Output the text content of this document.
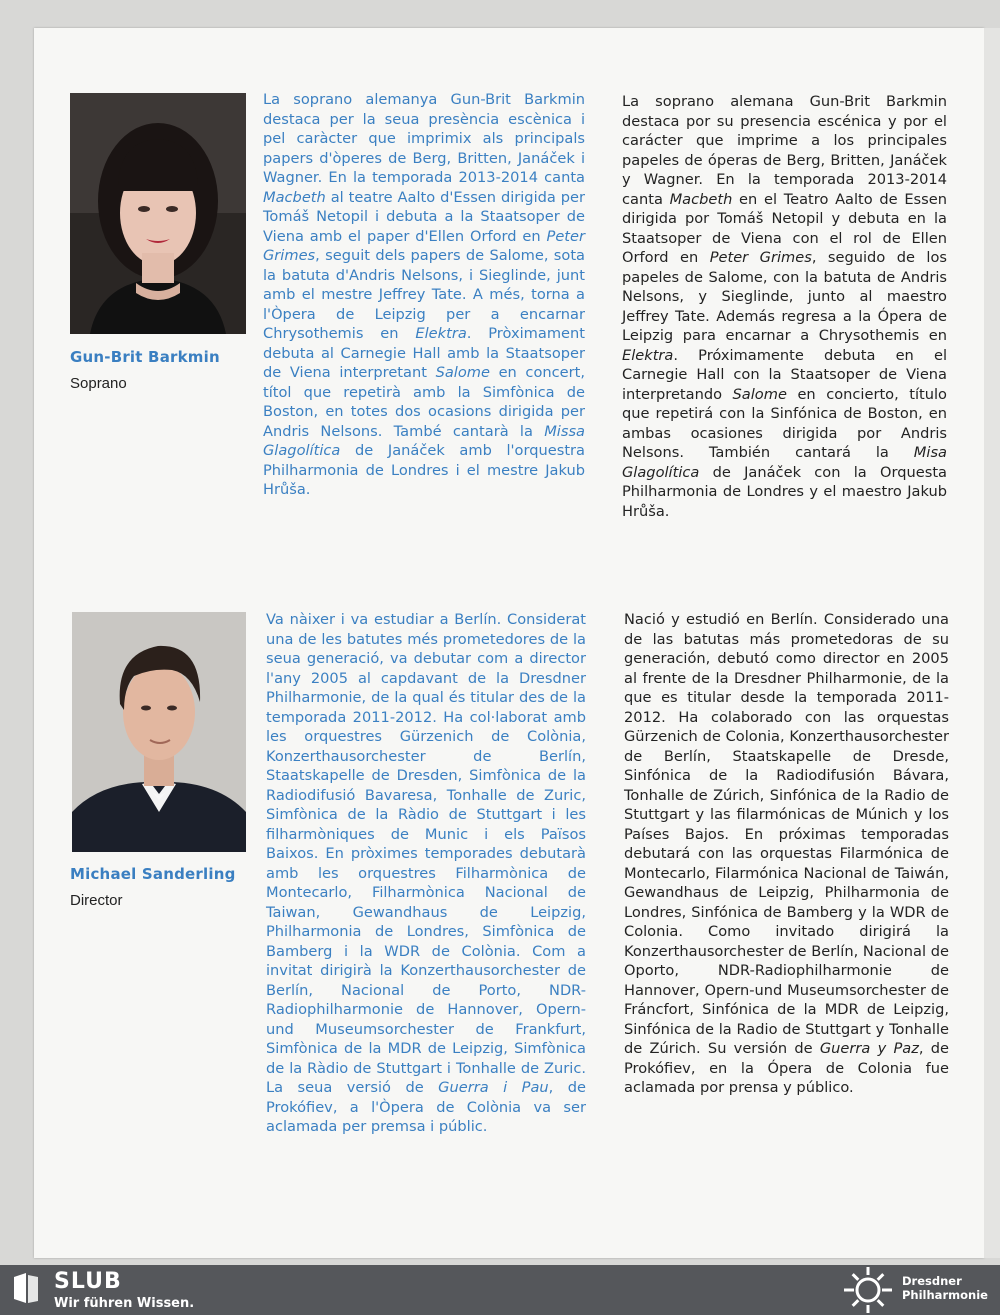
Gun-Brit Barkmin
Soprano
La soprano alemanya Gun-Brit Barkmin destaca per la seua presència escènica i pel caràcter que imprimix als principals papers d'òperes de Berg, Britten, Janáček i Wagner. En la temporada 2013-2014 canta Macbeth al teatre Aalto d'Essen dirigida per Tomáš Netopil i debuta a la Staatsoper de Viena amb el paper d'Ellen Orford en Peter Grimes, seguit dels papers de Salome, sota la batuta d'Andris Nelsons, i Sieglinde, junt amb el mestre Jeffrey Tate. A més, torna a l'Òpera de Leipzig per a encarnar Chrysothemis en Elektra. Pròximament debuta al Carnegie Hall amb la Staatsoper de Viena interpretant Salome en concert, títol que repetirà amb la Simfònica de Boston, en totes dos ocasions dirigida per Andris Nelsons. També cantarà la Missa Glagolítica de Janáček amb l'orquestra Philharmonia de Londres i el mestre Jakub Hrůša.
La soprano alemana Gun-Brit Barkmin destaca por su presencia escénica y por el carácter que imprime a los principales papeles de óperas de Berg, Britten, Janáček y Wagner. En la temporada 2013-2014 canta Macbeth en el Teatro Aalto de Essen dirigida por Tomáš Netopil y debuta en la Staatsoper de Viena con el rol de Ellen Orford en Peter Grimes, seguido de los papeles de Salome, con la batuta de Andris Nelsons, y Sieglinde, junto al maestro Jeffrey Tate. Además regresa a la Ópera de Leipzig para encarnar a Chrysothemis en Elektra. Próximamente debuta en el Carnegie Hall con la Staatsoper de Viena interpretando Salome en concierto, título que repetirá con la Sinfónica de Boston, en ambas ocasiones dirigida por Andris Nelsons. También cantará la Misa Glagolítica de Janáček con la Orquesta Philharmonia de Londres y el maestro Jakub Hrůša.
Michael Sanderling
Director
Va nàixer i va estudiar a Berlín. Considerat una de les batutes més prometedores de la seua generació, va debutar com a director l'any 2005 al capdavant de la Dresdner Philharmonie, de la qual és titular des de la temporada 2011-2012. Ha col·laborat amb les orquestres Gürzenich de Colònia, Konzerthausorchester de Berlín, Staatskapelle de Dresden, Simfònica de la Radiodifusió Bavaresa, Tonhalle de Zuric, Simfònica de la Ràdio de Stuttgart i les filharmòniques de Munic i els Països Baixos. En pròximes temporades debutarà amb les orquestres Filharmònica de Montecarlo, Filharmònica Nacional de Taiwan, Gewandhaus de Leipzig, Philharmonia de Londres, Simfònica de Bamberg i la WDR de Colònia. Com a invitat dirigirà la Konzerthausorchester de Berlín, Nacional de Porto, NDR-Radiophilharmonie de Hannover, Opern- und Museumsorchester de Frankfurt, Simfònica de la MDR de Leipzig, Simfònica de la Ràdio de Stuttgart i Tonhalle de Zuric. La seua versió de Guerra i Pau, de Prokófiev, a l'Òpera de Colònia va ser aclamada per premsa i públic.
Nació y estudió en Berlín. Considerado una de las batutas más prometedoras de su generación, debutó como director en 2005 al frente de la Dresdner Philharmonie, de la que es titular desde la temporada 2011-2012. Ha colaborado con las orquestas Gürzenich de Colonia, Konzerthausorchester de Berlín, Staatskapelle de Dresde, Sinfónica de la Radiodifusión Bávara, Tonhalle de Zúrich, Sinfónica de la Radio de Stuttgart y las filarmónicas de Múnich y los Países Bajos. En próximas temporadas debutará con las orquestas Filarmónica de Montecarlo, Filarmónica Nacional de Taiwán, Gewandhaus de Leipzig, Philharmonia de Londres, Sinfónica de Bamberg y la WDR de Colonia. Como invitado dirigirá la Konzerthausorchester de Berlín, Nacional de Oporto, NDR-Radiophilharmonie de Hannover, Opern-und Museumsorchester de Fráncfort, Sinfónica de la MDR de Leipzig, Sinfónica de la Radio de Stuttgart y Tonhalle de Zúrich. Su versión de Guerra y Paz, de Prokófiev, en la Ópera de Colonia fue aclamada por prensa y público.
SLUB
Wir führen Wissen.
Dresdner
Philharmonie
